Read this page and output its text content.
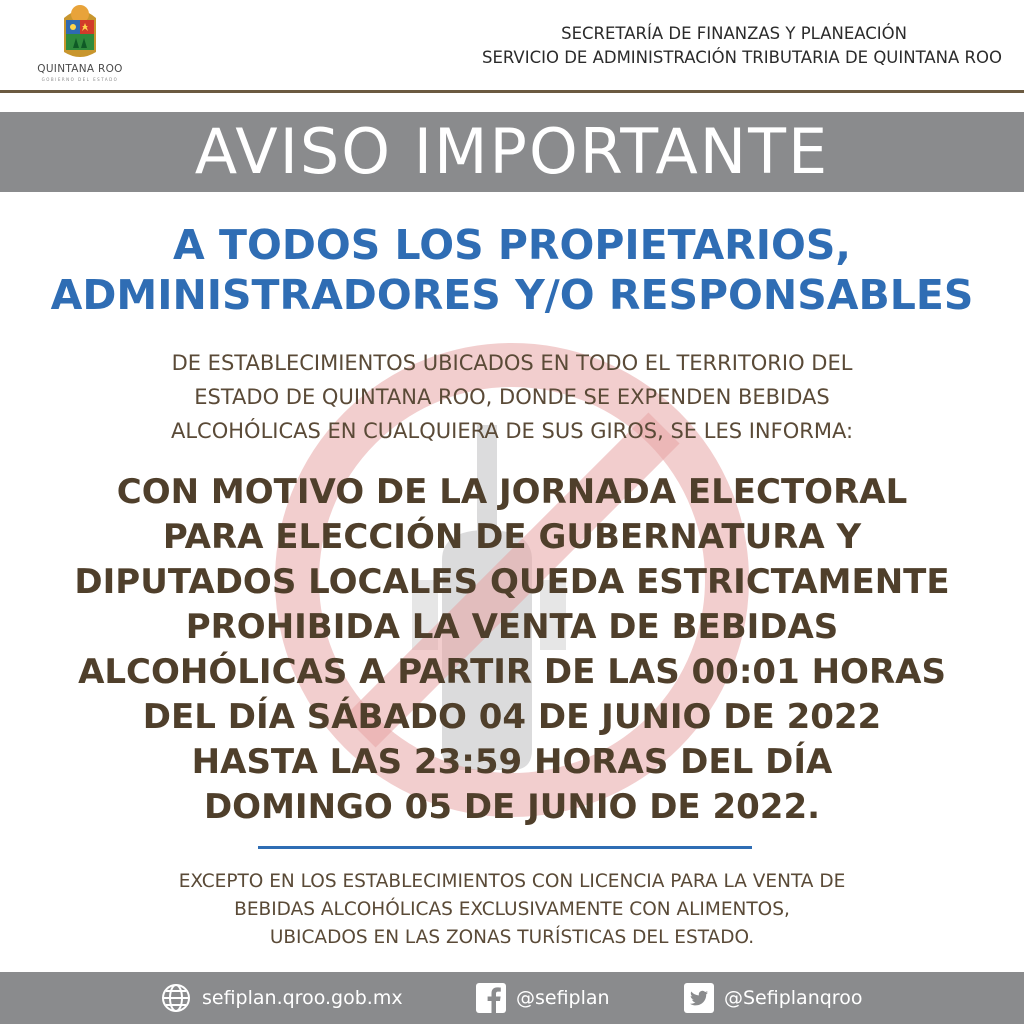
QUINTANA ROO
GOBIERNO DEL ESTADO
SECRETARÍA DE FINANZAS Y PLANEACIÓN
SERVICIO DE ADMINISTRACIÓN TRIBUTARIA DE QUINTANA ROO
AVISO IMPORTANTE
A TODOS LOS PROPIETARIOS,
ADMINISTRADORES Y/O RESPONSABLES
DE ESTABLECIMIENTOS UBICADOS EN TODO EL TERRITORIO DEL
ESTADO DE QUINTANA ROO, DONDE SE EXPENDEN BEBIDAS
ALCOHÓLICAS EN CUALQUIERA DE SUS GIROS, SE LES INFORMA:
CON MOTIVO DE LA JORNADA ELECTORAL
PARA ELECCIÓN DE GUBERNATURA Y
DIPUTADOS LOCALES QUEDA ESTRICTAMENTE
PROHIBIDA LA VENTA DE BEBIDAS
ALCOHÓLICAS A PARTIR DE LAS 00:01 HORAS
DEL DÍA SÁBADO 04 DE JUNIO DE 2022
HASTA LAS 23:59 HORAS DEL DÍA
DOMINGO 05 DE JUNIO DE 2022.
EXCEPTO EN LOS ESTABLECIMIENTOS CON LICENCIA PARA LA VENTA DE
BEBIDAS ALCOHÓLICAS EXCLUSIVAMENTE CON ALIMENTOS,
UBICADOS EN LAS ZONAS TURÍSTICAS DEL ESTADO.
sefiplan.qroo.gob.mx	@sefiplan	@Sefiplanqroo
